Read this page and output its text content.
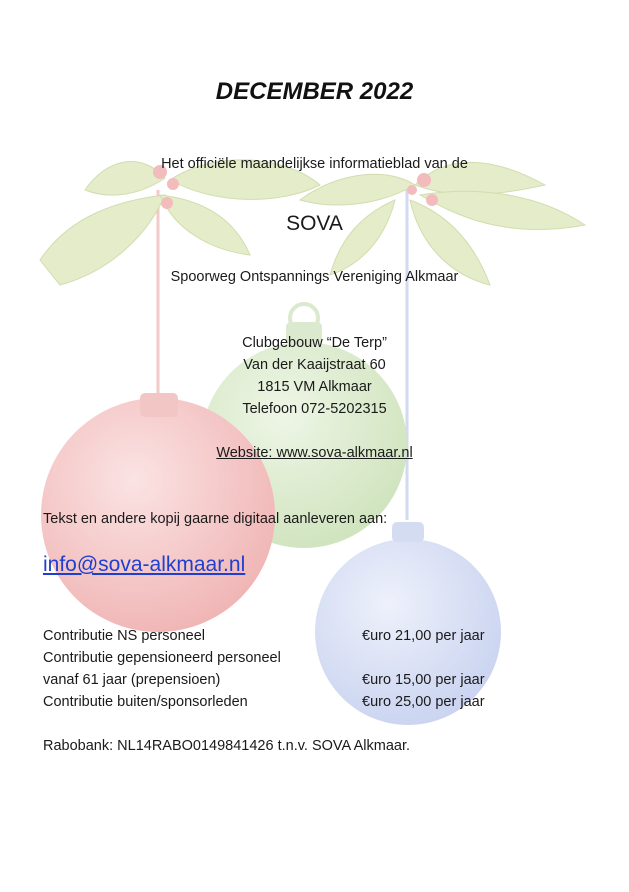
DECEMBER 2022
Het officiële maandelijkse informatieblad van de
SOVA
Spoorweg Ontspannings Vereniging Alkmaar
Clubgebouw “De Terp”
Van der Kaaijstraat 60
1815 VM Alkmaar
Telefoon 072-5202315
Website: www.sova-alkmaar.nl
Tekst en andere kopij gaarne digitaal aanleveren aan:
info@sova-alkmaar.nl
Contributie NS personeel	€uro 21,00 per jaar
Contributie gepensioneerd personeel
vanaf 61 jaar (prepensioen)	€uro 15,00 per jaar
Contributie buiten/sponsorleden	€uro 25,00 per jaar
Rabobank: NL14RABO0149841426 t.n.v. SOVA Alkmaar.
